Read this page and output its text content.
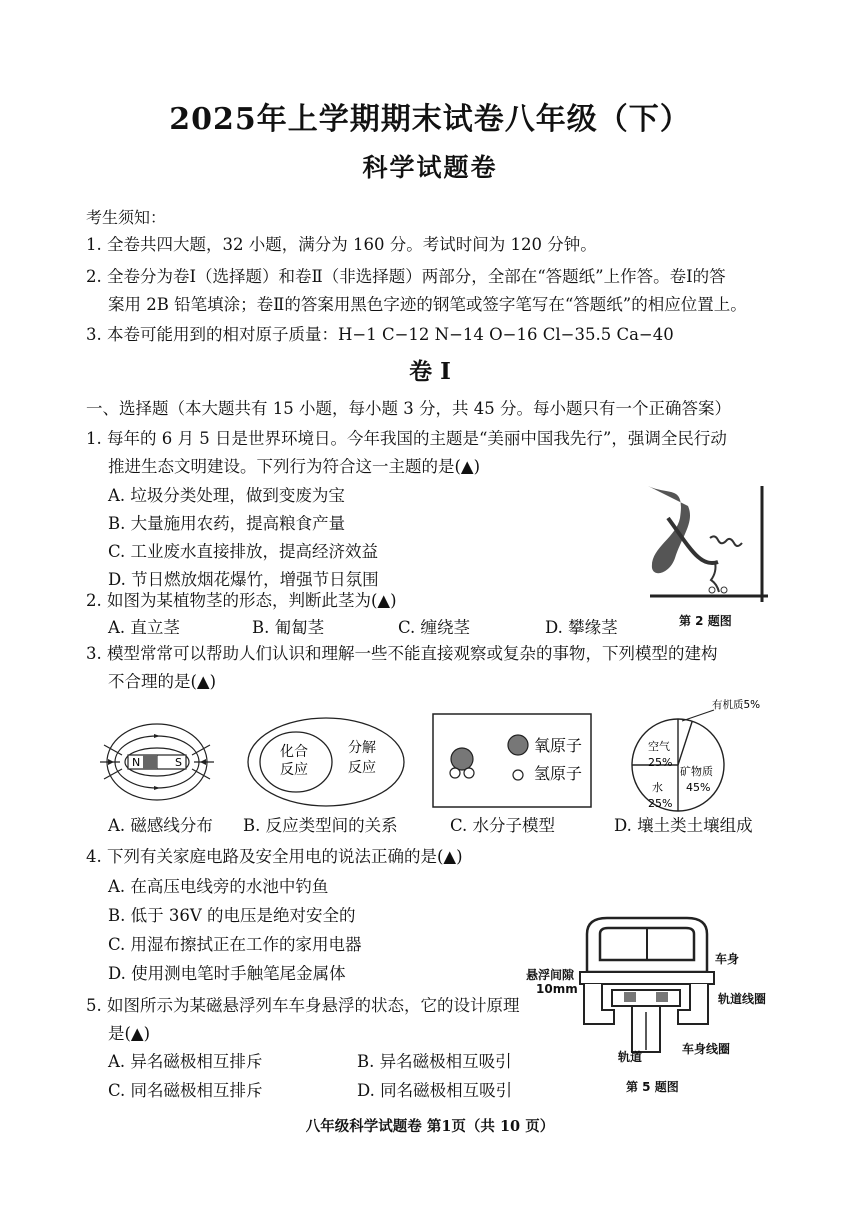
2025年上学期期末试卷八年级（下）
科学试题卷
考生须知：
1. 全卷共四大题，32 小题，满分为 160 分。考试时间为 120 分钟。
2. 全卷分为卷Ⅰ（选择题）和卷Ⅱ（非选择题）两部分，全部在“答题纸”上作答。卷Ⅰ的答
案用 2B 铅笔填涂；卷Ⅱ的答案用黑色字迹的钢笔或签字笔写在“答题纸”的相应位置上。
3. 本卷可能用到的相对原子质量：H−1 C−12 N−14 O−16 Cl−35.5 Ca−40
卷 I
一、选择题（本大题共有 15 小题，每小题 3 分，共 45 分。每小题只有一个正确答案）
1. 每年的 6 月 5 日是世界环境日。今年我国的主题是“美丽中国我先行”，强调全民行动
推进生态文明建设。下列行为符合这一主题的是(▲)
A. 垃圾分类处理，做到变废为宝
B. 大量施用农药，提高粮食产量
C. 工业废水直接排放，提高经济效益
D. 节日燃放烟花爆竹，增强节日氛围
第 2 题图
2. 如图为某植物茎的形态，判断此茎为(▲)
A. 直立茎	B. 匍匐茎	C. 缠绕茎	D. 攀缘茎
3. 模型常常可以帮助人们认识和理解一些不能直接观察或复杂的事物，下列模型的建构
不合理的是(▲)
N	S
化合
反应
分解
反应
氧原子
氢原子
有机质5%
空气
25%
矿物质
45%
水
25%
A. 磁感线分布 B. 反应类型间的关系	C. 水分子模型	D. 壤土类土壤组成
4. 下列有关家庭电路及安全用电的说法正确的是(▲)
A. 在高压电线旁的水池中钓鱼
B. 低于 36V 的电压是绝对安全的
C. 用湿布擦拭正在工作的家用电器
D. 使用测电笔时手触笔尾金属体
车身
悬浮间隙
10mm
轨道线圈
轨道
车身线圈
第 5 题图
5. 如图所示为某磁悬浮列车车身悬浮的状态，它的设计原理
是(▲)
A. 异名磁极相互排斥	B. 异名磁极相互吸引
C. 同名磁极相互排斥	D. 同名磁极相互吸引
八年级科学试题卷 第1页（共 10 页）
